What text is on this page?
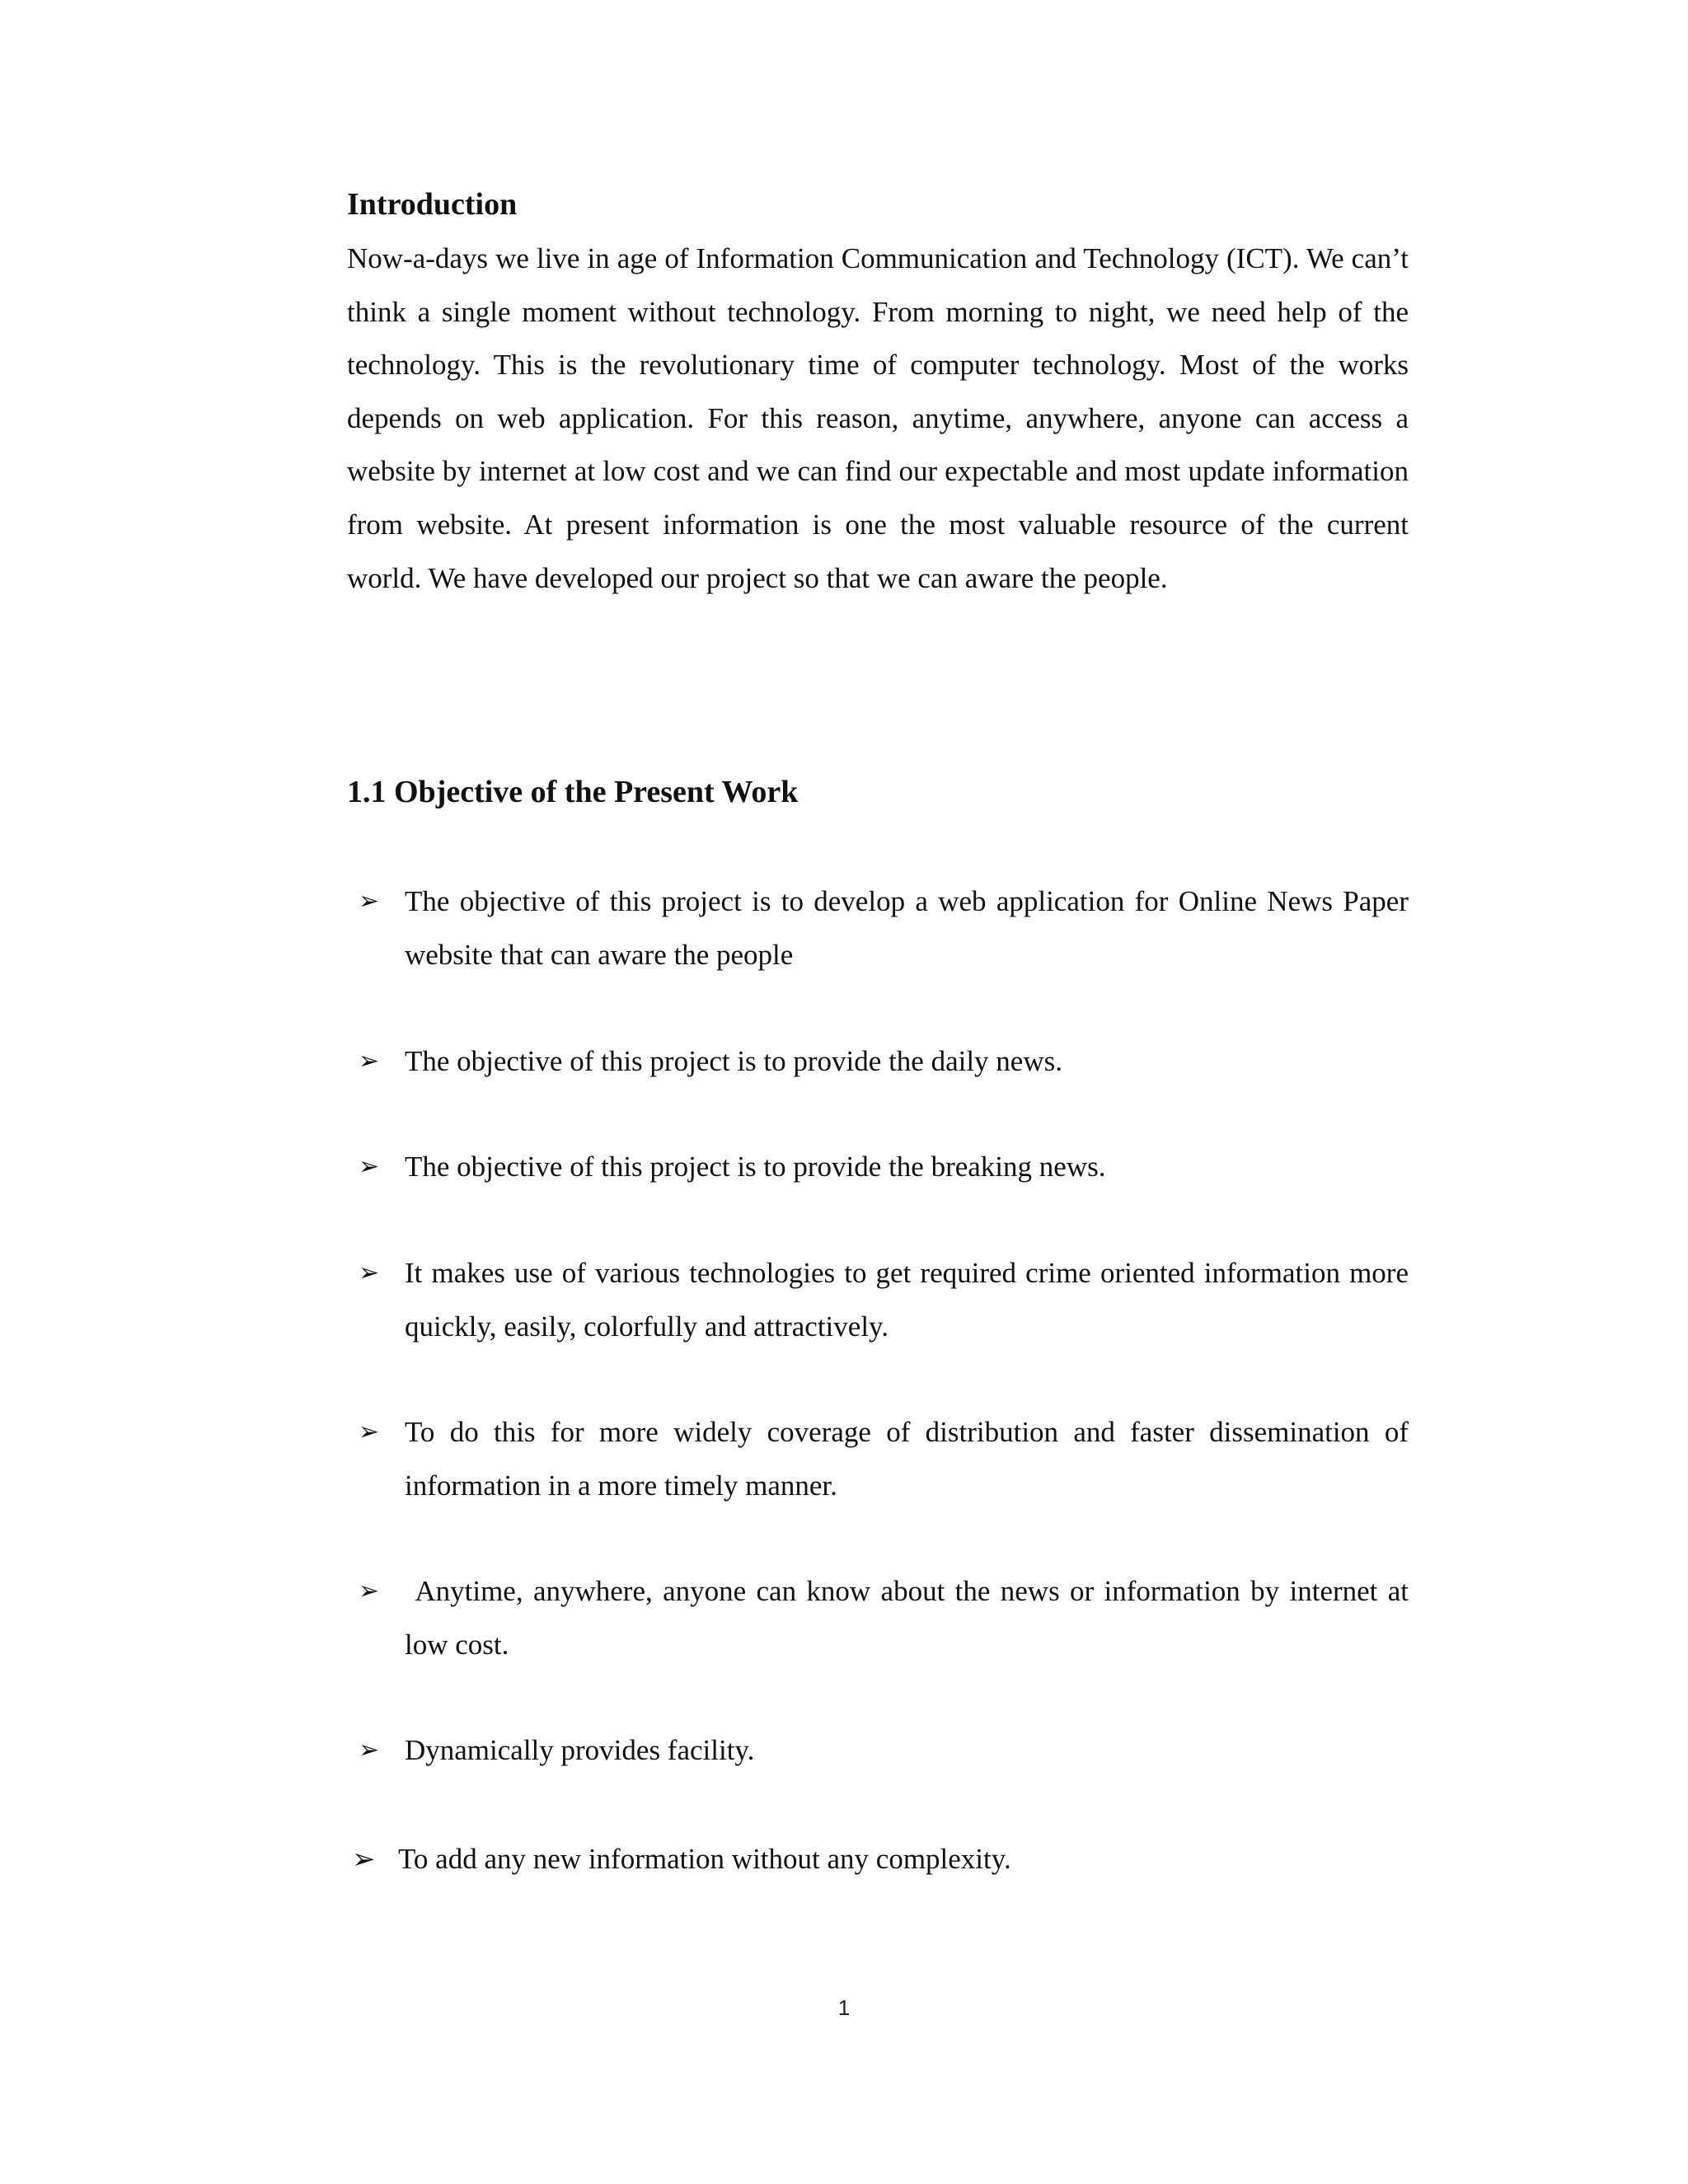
Introduction

Now-a-days we live in age of Information Communication and Technology (ICT). We can’t think a single moment without technology. From morning to night, we need help of the technology. This is the revolutionary time of computer technology. Most of the works depends on web application. For this reason, anytime, anywhere, anyone can access a website by internet at low cost and we can find our expectable and most update information from website. At present information is one the most valuable resource of the current world. We have developed our project so that we can aware the people.

1.1 Objective of the Present Work
➢ The objective of this project is to develop a web application for Online News Paper website that can aware the people
➢ The objective of this project is to provide the daily news.
➢ The objective of this project is to provide the breaking news.
➢ It makes use of various technologies to get required crime oriented information more quickly, easily, colorfully and attractively.
➢ To do this for more widely coverage of distribution and faster dissemination of information in a more timely manner.
➢ Anytime, anywhere, anyone can know about the news or information by internet at low cost.
➢ Dynamically provides facility.
➢ To add any new information without any complexity.
1
